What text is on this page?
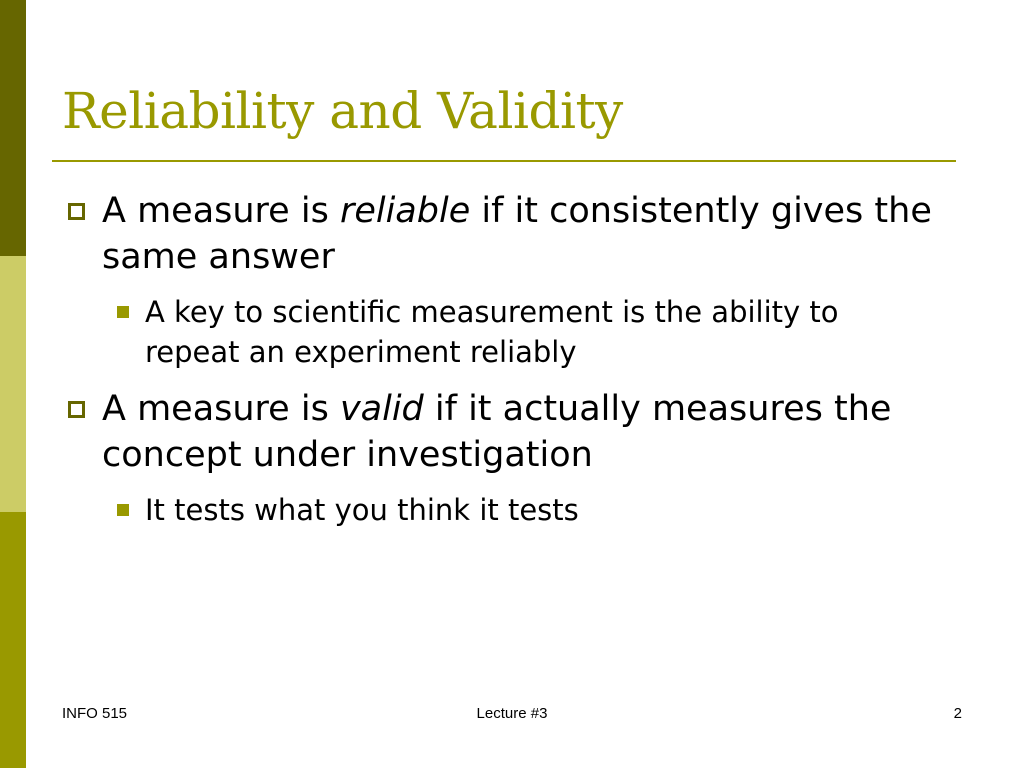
Reliability and Validity
A measure is reliable if it consistently gives the same answer
A key to scientific measurement is the ability to repeat an experiment reliably
A measure is valid if it actually measures the concept under investigation
It tests what you think it tests
INFO 515	Lecture #3	2
